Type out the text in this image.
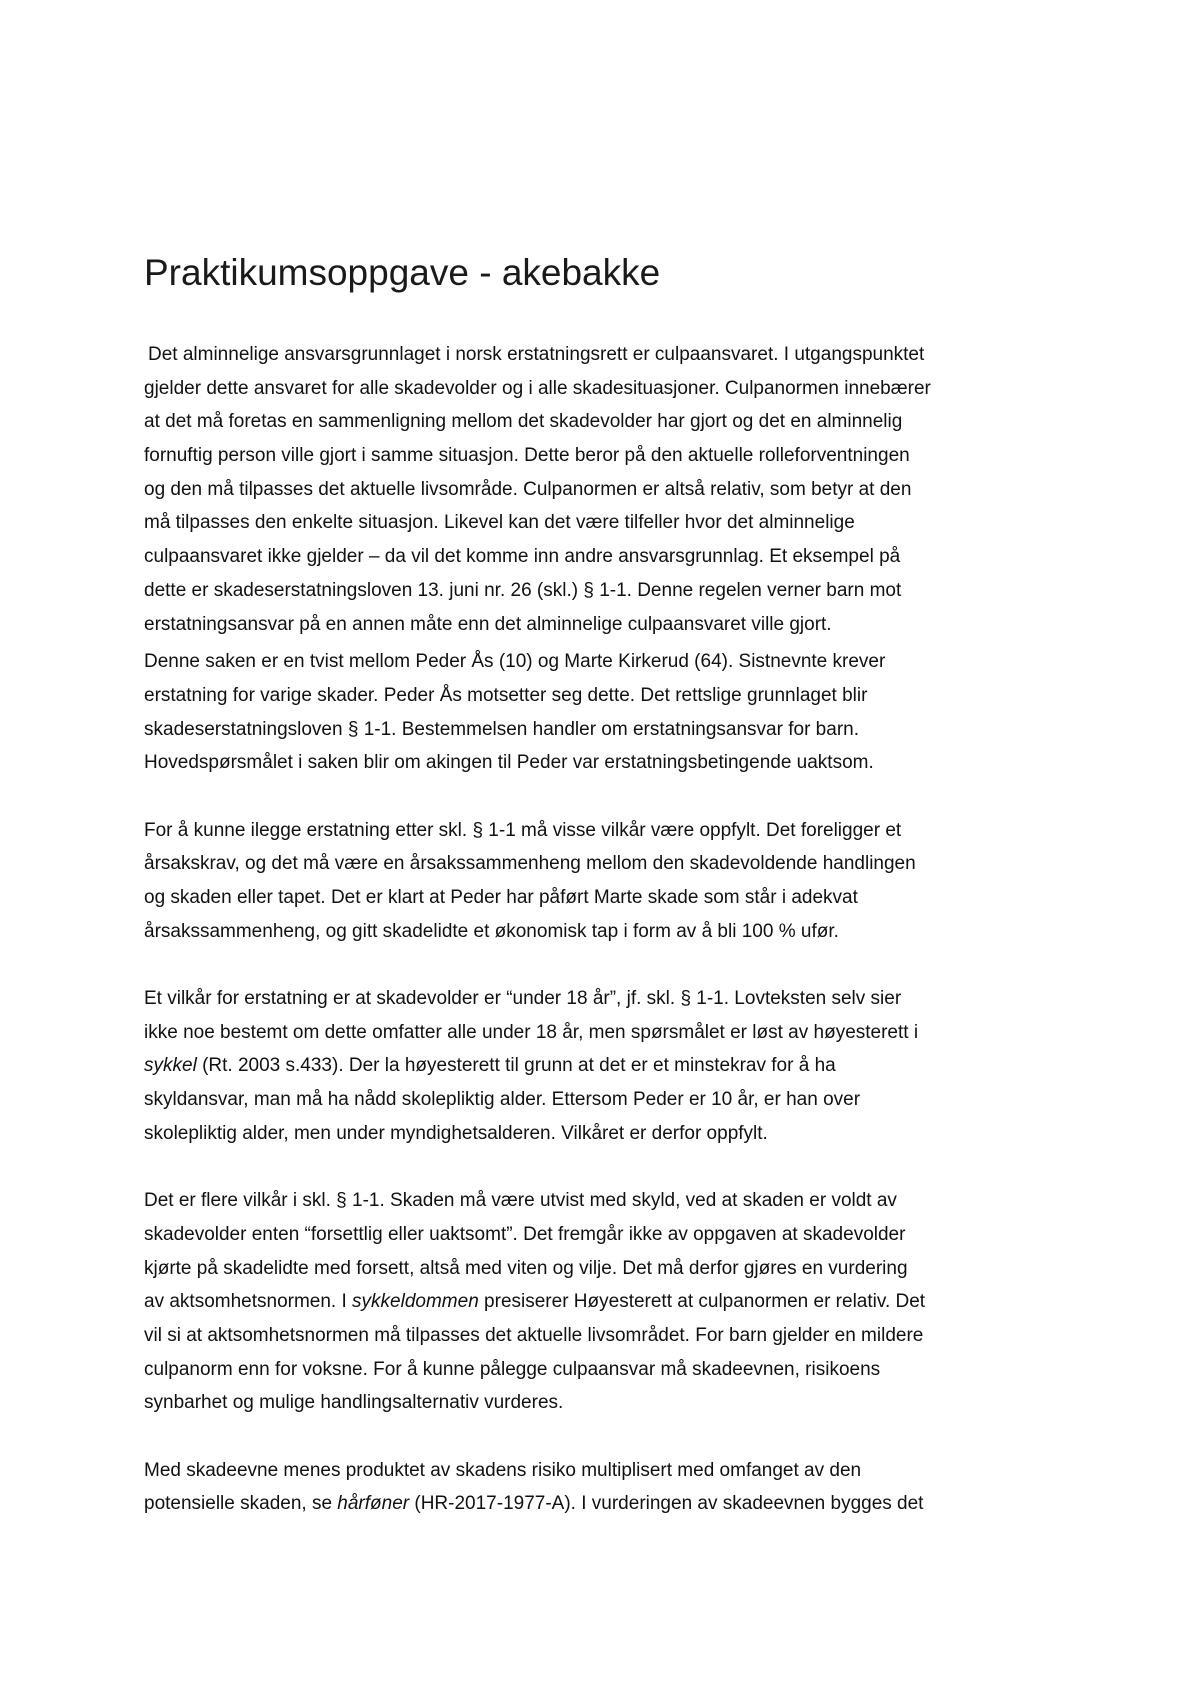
Praktikumsoppgave - akebakke
Det alminnelige ansvarsgrunnlaget i norsk erstatningsrett er culpaansvaret. I utgangspunktet
gjelder dette ansvaret for alle skadevolder og i alle skadesituasjoner. Culpanormen innebærer
at det må foretas en sammenligning mellom det skadevolder har gjort og det en alminnelig
fornuftig person ville gjort i samme situasjon. Dette beror på den aktuelle rolleforventningen
og den må tilpasses det aktuelle livsområde. Culpanormen er altså relativ, som betyr at den
må tilpasses den enkelte situasjon. Likevel kan det være tilfeller hvor det alminnelige
culpaansvaret ikke gjelder – da vil det komme inn andre ansvarsgrunnlag. Et eksempel på
dette er skadeserstatningsloven 13. juni nr. 26 (skl.) § 1-1. Denne regelen verner barn mot
erstatningsansvar på en annen måte enn det alminnelige culpaansvaret ville gjort.
Denne saken er en tvist mellom Peder Ås (10) og Marte Kirkerud (64). Sistnevnte krever
erstatning for varige skader. Peder Ås motsetter seg dette. Det rettslige grunnlaget blir
skadeserstatningsloven § 1-1. Bestemmelsen handler om erstatningsansvar for barn.
Hovedspørsmålet i saken blir om akingen til Peder var erstatningsbetingende uaktsom.
For å kunne ilegge erstatning etter skl. § 1-1 må visse vilkår være oppfylt. Det foreligger et
årsakskrav, og det må være en årsakssammenheng mellom den skadevoldende handlingen
og skaden eller tapet. Det er klart at Peder har påført Marte skade som står i adekvat
årsakssammenheng, og gitt skadelidte et økonomisk tap i form av å bli 100 % ufør.
Et vilkår for erstatning er at skadevolder er “under 18 år”, jf. skl. § 1-1. Lovteksten selv sier
ikke noe bestemt om dette omfatter alle under 18 år, men spørsmålet er løst av høyesterett i
sykkel (Rt. 2003 s.433). Der la høyesterett til grunn at det er et minstekrav for å ha
skyldansvar, man må ha nådd skolepliktig alder. Ettersom Peder er 10 år, er han over
skolepliktig alder, men under myndighetsalderen. Vilkåret er derfor oppfylt.
Det er flere vilkår i skl. § 1-1. Skaden må være utvist med skyld, ved at skaden er voldt av
skadevolder enten “forsettlig eller uaktsomt”. Det fremgår ikke av oppgaven at skadevolder
kjørte på skadelidte med forsett, altså med viten og vilje. Det må derfor gjøres en vurdering
av aktsomhetsnormen. I sykkeldommen presiserer Høyesterett at culpanormen er relativ. Det
vil si at aktsomhetsnormen må tilpasses det aktuelle livsområdet. For barn gjelder en mildere
culpanorm enn for voksne. For å kunne pålegge culpaansvar må skadeevnen, risikoens
synbarhet og mulige handlingsalternativ vurderes.
Med skadeevne menes produktet av skadens risiko multiplisert med omfanget av den
potensielle skaden, se hårføner (HR-2017-1977-A). I vurderingen av skadeevnen bygges det
